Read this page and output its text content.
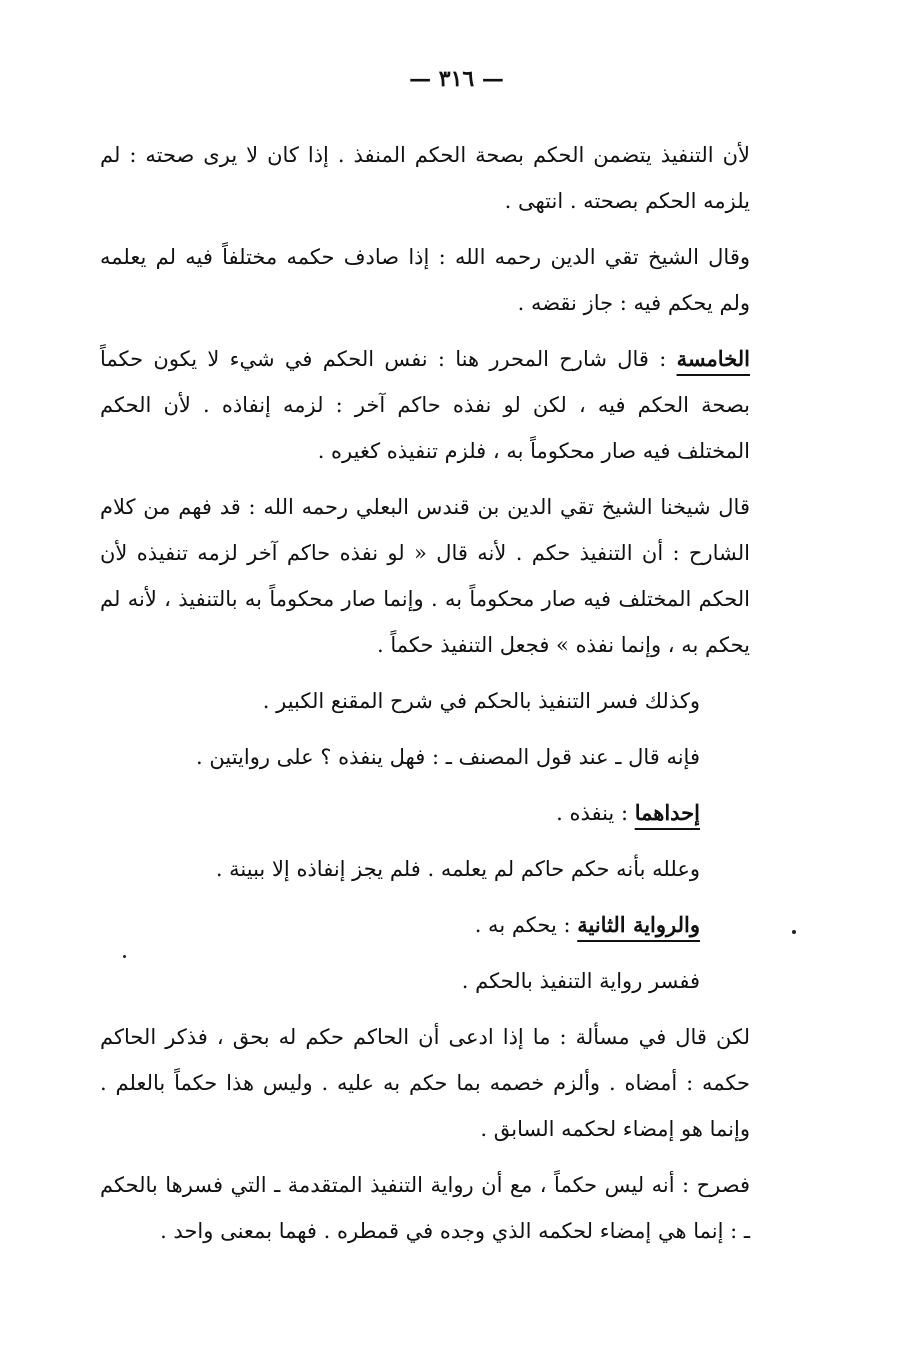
— ٣١٦ —

لأن التنفيذ يتضمن الحكم بصحة الحكم المنفذ . إذا كان لا يرى صحته : لم يلزمه الحكم بصحته . انتهى .

وقال الشيخ تقي الدين رحمه الله : إذا صادف حكمه مختلفاً فيه لم يعلمه ولم يحكم فيه : جاز نقضه .

الخامسة : قال شارح المحرر هنا : نفس الحكم في شيء لا يكون حكماً بصحة الحكم فيه ، لكن لو نفذه حاكم آخر : لزمه إنفاذه . لأن الحكم المختلف فيه صار محكوماً به ، فلزم تنفيذه كغيره .

قال شيخنا الشيخ تقي الدين بن قندس البعلي رحمه الله : قد فهم من كلام الشارح : أن التنفيذ حكم . لأنه قال « لو نفذه حاكم آخر لزمه تنفيذه لأن الحكم المختلف فيه صار محكوماً به . وإنما صار محكوماً به بالتنفيذ ، لأنه لم يحكم به ، وإنما نفذه » فجعل التنفيذ حكماً .

وكذلك فسر التنفيذ بالحكم في شرح المقنع الكبير .

فإنه قال ـ عند قول المصنف ـ : فهل ينفذه ؟ على روايتين .

إحداهما : ينفذه .

وعلله بأنه حكم حاكم لم يعلمه . فلم يجز إنفاذه إلا ببينة .

والرواية الثانية : يحكم به .

ففسر رواية التنفيذ بالحكم .

لكن قال في مسألة : ما إذا ادعى أن الحاكم حكم له بحق ، فذكر الحاكم حكمه : أمضاه . وألزم خصمه بما حكم به عليه . وليس هذا حكماً بالعلم . وإنما هو إمضاء لحكمه السابق .

فصرح : أنه ليس حكماً ، مع أن رواية التنفيذ المتقدمة ـ التي فسرها بالحكم ـ : إنما هي إمضاء لحكمه الذي وجده في قمطره . فهما بمعنى واحد .
